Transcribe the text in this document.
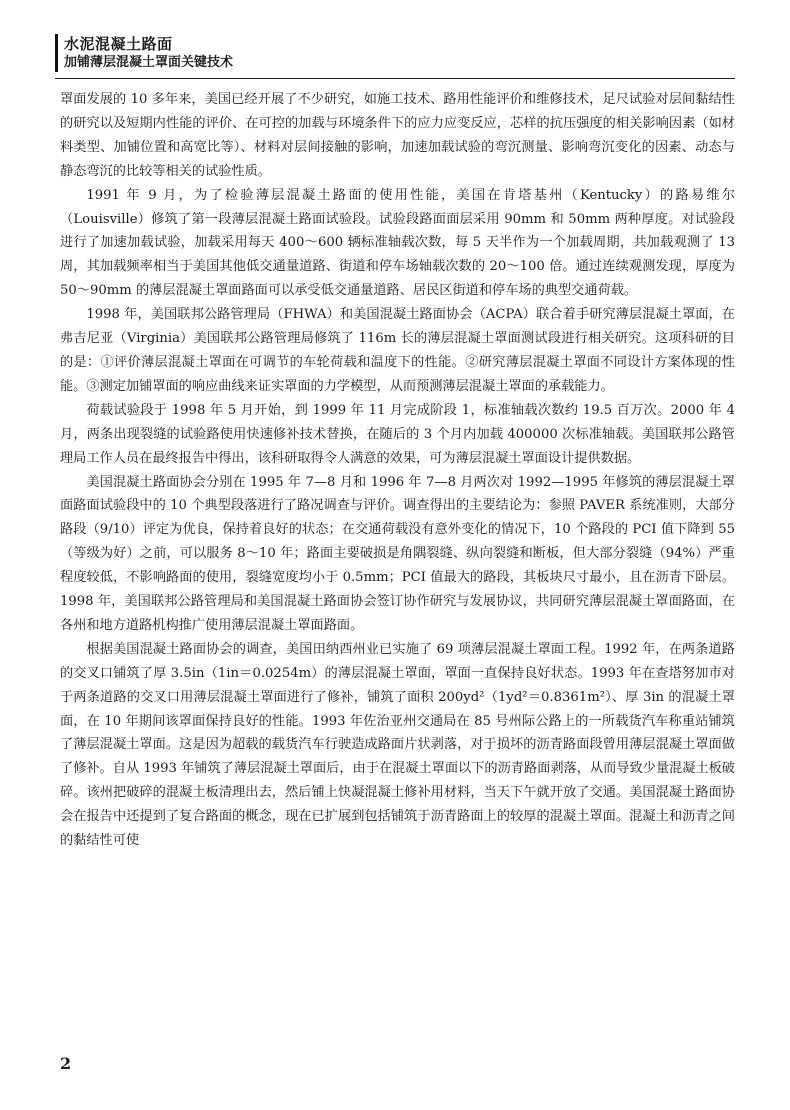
水泥混凝土路面
加铺薄层混凝土罩面关键技术

罩面发展的 10 多年来，美国已经开展了不少研究，如施工技术、路用性能评价和维修技术，足尺试验对层间黏结性的研究以及短期内性能的评价、在可控的加载与环境条件下的应力应变反应，芯样的抗压强度的相关影响因素（如材料类型、加铺位置和高宽比等）、材料对层间接触的影响，加速加载试验的弯沉测量、影响弯沉变化的因素、动态与静态弯沉的比较等相关的试验性质。

1991 年 9 月，为了检验薄层混凝土路面的使用性能，美国在肯塔基州（Kentucky）的路易维尔（Louisville）修筑了第一段薄层混凝土路面试验段。试验段路面面层采用 90mm 和 50mm 两种厚度。对试验段进行了加速加载试验，加载采用每天 400～600 辆标准轴载次数，每 5 天半作为一个加载周期，共加载观测了 13 周，其加载频率相当于美国其他低交通量道路、街道和停车场轴载次数的 20～100 倍。通过连续观测发现，厚度为 50～90mm 的薄层混凝土罩面路面可以承受低交通量道路、居民区街道和停车场的典型交通荷载。

1998 年，美国联邦公路管理局（FHWA）和美国混凝土路面协会（ACPA）联合着手研究薄层混凝土罩面，在弗吉尼亚（Virginia）美国联邦公路管理局修筑了 116m 长的薄层混凝土罩面测试段进行相关研究。这项科研的目的是：①评价薄层混凝土罩面在可调节的车轮荷载和温度下的性能。②研究薄层混凝土罩面不同设计方案体现的性能。③测定加铺罩面的响应曲线来证实罩面的力学模型，从而预测薄层混凝土罩面的承载能力。

荷载试验段于 1998 年 5 月开始，到 1999 年 11 月完成阶段 1，标准轴载次数约 19.5 百万次。2000 年 4 月，两条出现裂缝的试验路使用快速修补技术替换，在随后的 3 个月内加载 400000 次标准轴载。美国联邦公路管理局工作人员在最终报告中得出，该科研取得令人满意的效果，可为薄层混凝土罩面设计提供数据。

美国混凝土路面协会分别在 1995 年 7—8 月和 1996 年 7—8 月两次对 1992—1995 年修筑的薄层混凝土罩面路面试验段中的 10 个典型段落进行了路况调查与评价。调查得出的主要结论为：参照 PAVER 系统准则，大部分路段（9/10）评定为优良，保持着良好的状态；在交通荷载没有意外变化的情况下，10 个路段的 PCI 值下降到 55（等级为好）之前，可以服务 8～10 年；路面主要破损是角隅裂缝、纵向裂缝和断板，但大部分裂缝（94%）严重程度较低，不影响路面的使用，裂缝宽度均小于 0.5mm；PCI 值最大的路段，其板块尺寸最小，且在沥青下卧层。1998 年，美国联邦公路管理局和美国混凝土路面协会签订协作研究与发展协议，共同研究薄层混凝土罩面路面，在各州和地方道路机构推广使用薄层混凝土罩面路面。

根据美国混凝土路面协会的调查，美国田纳西州业已实施了 69 项薄层混凝土罩面工程。1992 年，在两条道路的交叉口铺筑了厚 3.5in（1in＝0.0254m）的薄层混凝土罩面，罩面一直保持良好状态。1993 年在查塔努加市对于两条道路的交叉口用薄层混凝土罩面进行了修补，铺筑了面积 200yd²（1yd²＝0.8361m²）、厚 3in 的混凝土罩面，在 10 年期间该罩面保持良好的性能。1993 年佐治亚州交通局在 85 号州际公路上的一所载货汽车称重站铺筑了薄层混凝土罩面。这是因为超载的载货汽车行驶造成路面片状剥落，对于损坏的沥青路面段曾用薄层混凝土罩面做了修补。自从 1993 年铺筑了薄层混凝土罩面后，由于在混凝土罩面以下的沥青路面剥落，从而导致少量混凝土板破碎。该州把破碎的混凝土板清理出去，然后铺上快凝混凝土修补用材料，当天下午就开放了交通。美国混凝土路面协会在报告中还提到了复合路面的概念，现在已扩展到包括铺筑于沥青路面上的较厚的混凝土罩面。混凝土和沥青之间的黏结性可使

2
